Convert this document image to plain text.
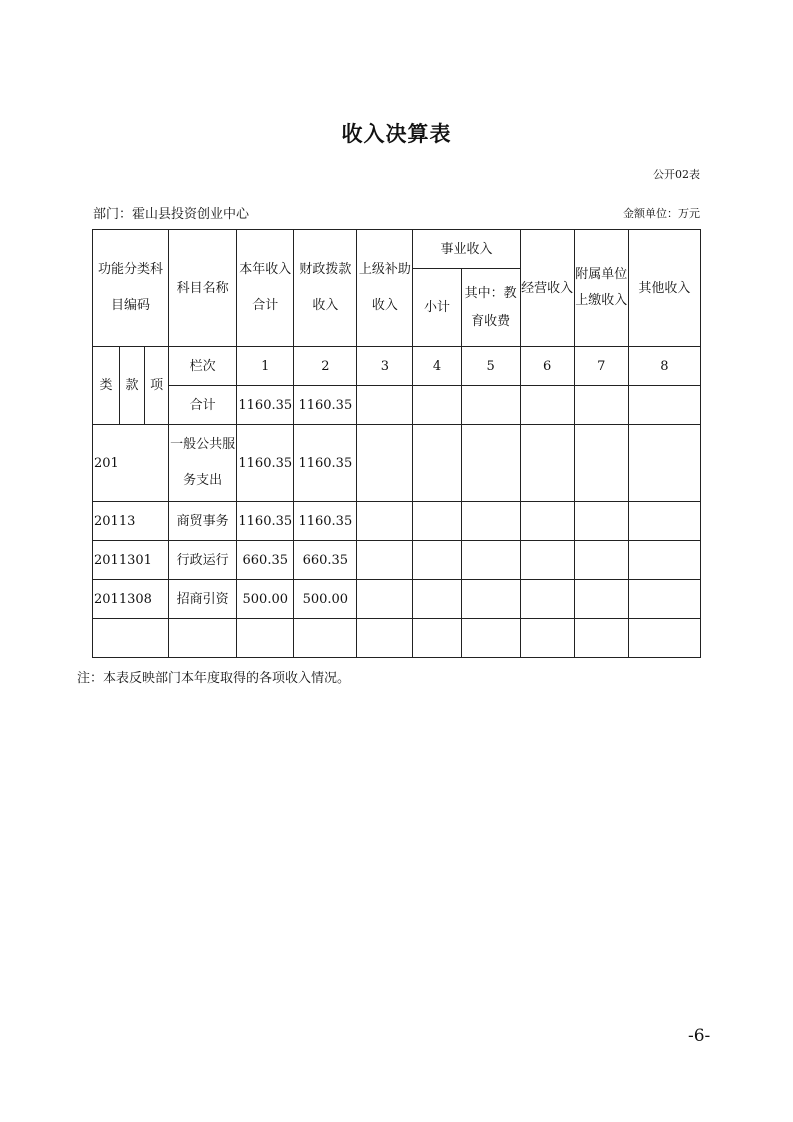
收入决算表
公开02表
部门：霍山县投资创业中心	金额单位：万元
功能分类科目编码			科目名称	本年收入合计	财政拨款收入	上级补助收入	事业收入		经营收入	附属单位上缴收入	其他收入
							小计	其中：教育收费			
类	款	项	栏次	1	2	3	4	5	6	7	8
			合计	1160.35	1160.35						
201			一般公共服务支出	1160.35	1160.35						
20113			商贸事务	1160.35	1160.35						
2011301			行政运行	660.35	660.35						
2011308			招商引资	500.00	500.00						

注：本表反映部门本年度取得的各项收入情况。
-6-
